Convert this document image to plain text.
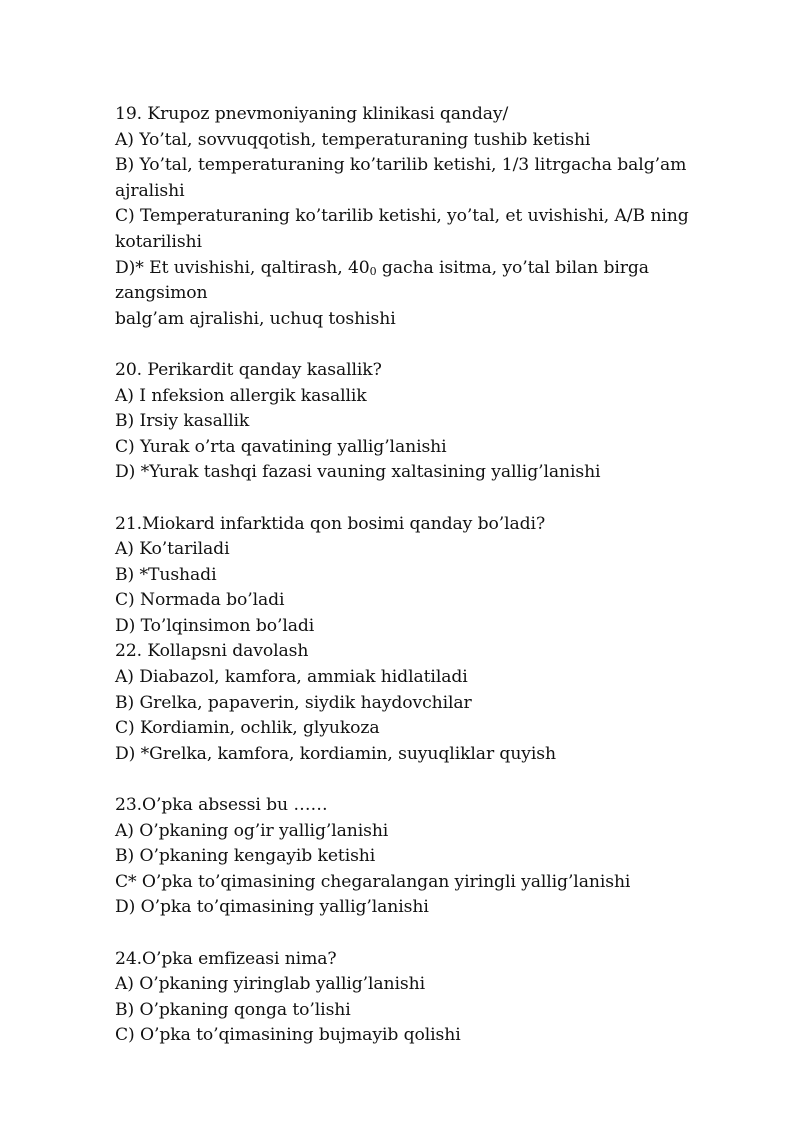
19. Krupoz pnevmoniyaning klinikasi qanday/
A) Yo’tal, sovvuqqotish, temperaturaning tushib ketishi
B) Yo’tal, temperaturaning ko’tarilib ketishi, 1/3 litrgacha balg’am
ajralishi
C) Temperaturaning ko’tarilib ketishi, yo’tal, et uvishishi, A/B ning
kotarilishi
D)* Et uvishishi, qaltirash, $40_0$ gacha isitma, yo’tal bilan birga
zangsimon
balg’am ajralishi, uchuq toshishi
20. Perikardit qanday kasallik?
A) I nfeksion allergik kasallik
B) Irsiy kasallik
C) Yurak o’rta qavatining yallig’lanishi
D) *Yurak tashqi fazasi vauning xaltasining yallig’lanishi
21.Miokard infarktida qon bosimi qanday bo’ladi?
A) Ko’tariladi
B) *Tushadi
C) Normada bo’ladi
D) To’lqinsimon bo’ladi
22. Kollapsni davolash
A) Diabazol, kamfora, ammiak hidlatiladi
B) Grelka, papaverin, siydik haydovchilar
C) Kordiamin, ochlik, glyukoza
D) *Grelka, kamfora, kordiamin, suyuqliklar quyish
23.O’pka absessi bu ……
A) O’pkaning og’ir yallig’lanishi
B) O’pkaning kengayib ketishi
C* O’pka to’qimasining chegaralangan yiringli yallig’lanishi
D) O’pka to’qimasining yallig’lanishi
24.O’pka emfizeasi nima?
A) O’pkaning yiringlab yallig’lanishi
B) O’pkaning qonga to’lishi
C) O’pka to’qimasining bujmayib qolishi
